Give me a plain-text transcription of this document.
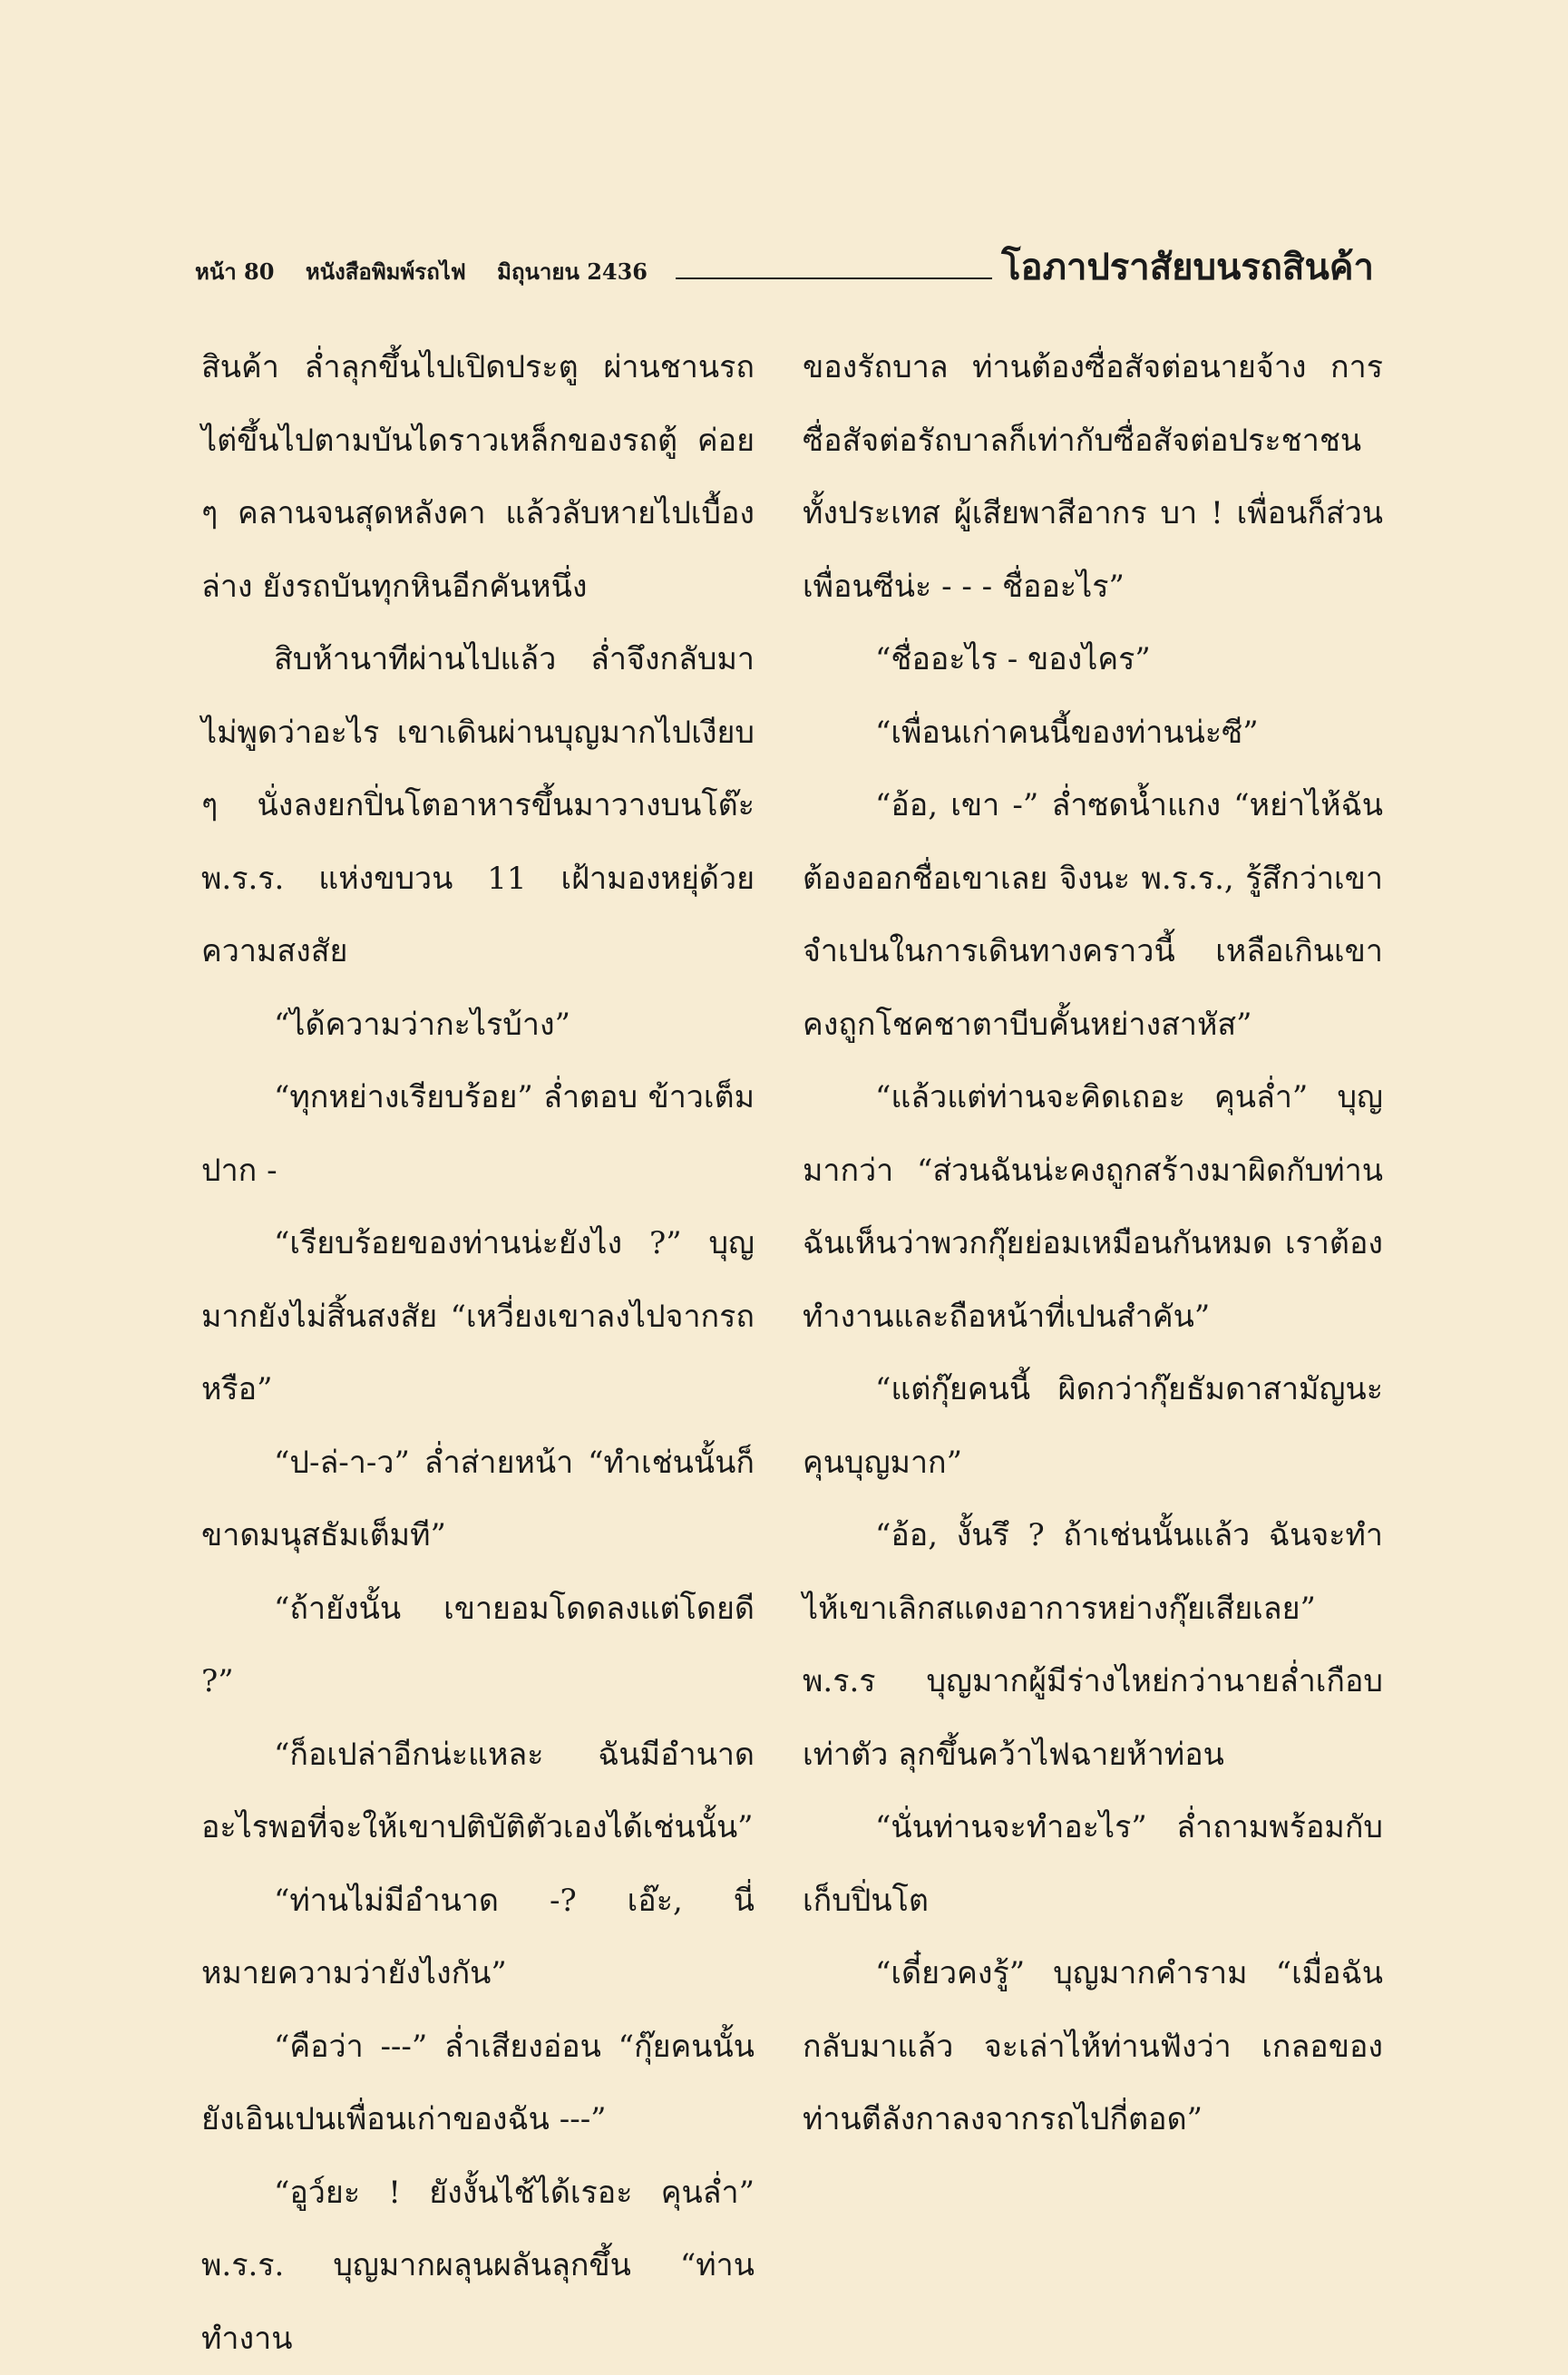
หน้า 80 หนังสือพิมพ์รถไฟ มิถุนายน 2436	โอภาปราสัยบนรถสินค้า

สินค้า ล่ำลุกขึ้นไปเปิดประตู ผ่านชานรถ ไต่ขึ้นไปตามบันไดราวเหล็กของรถตู้ ค่อย ๆ คลานจนสุดหลังคา แล้วลับหายไปเบื้องล่าง ยังรถบันทุกหินอีกคันหนึ่ง

สิบห้านาทีผ่านไปแล้ว ล่ำจึงกลับมา ไม่พูดว่าอะไร เขาเดินผ่านบุญมากไปเงียบ ๆ นั่งลงยกปิ่นโตอาหารขึ้นมาวางบนโต๊ะ พ.ร.ร. แห่งขบวน 11 เฝ้ามองหยุ่ด้วยความสงสัย

“ได้ความว่ากะไรบ้าง”

“ทุกหย่างเรียบร้อย” ล่ำตอบ ข้าวเต็มปาก -

“เรียบร้อยของท่านน่ะยังไง ?” บุญมากยังไม่สิ้นสงสัย “เหวี่ยงเขาลงไปจากรถหรือ”

“ป-ล่-า-ว” ล่ำส่ายหน้า “ทำเช่นนั้นก็ขาดมนุสธัมเต็มที”

“ถ้ายังนั้น เขายอมโดดลงแต่โดยดี ?”

“ก็อเปล่าอีกน่ะแหละ ฉันมีอำนาดอะไรพอที่จะให้เขาปติบัติตัวเองได้เช่นนั้น”

“ท่านไม่มีอำนาด -? เอ๊ะ, นี่หมายความว่ายังไงกัน”

“คือว่า ---” ล่ำเสียงอ่อน “กุ๊ยคนนั้นยังเอินเปนเพื่อนเก่าของฉัน ---”

“อูว์ยะ ! ยังงั้นไช้ได้เรอะ คุนล่ำ” พ.ร.ร. บุญมากผลุนผลันลุกขึ้น “ท่านทำงาน

ของรัถบาล ท่านต้องซื่อสัจต่อนายจ้าง การซื่อสัจต่อรัถบาลก็เท่ากับซื่อสัจต่อประชาชนทั้งประเทส ผู้เสียพาสีอากร บา ! เพื่อนก็ส่วนเพื่อนซีน่ะ - - - ชื่ออะไร”

“ชื่ออะไร - ของไคร”

“เพื่อนเก่าคนนี้ของท่านน่ะซี”

“อ้อ, เขา -” ล่ำซดน้ำแกง “หย่าไห้ฉันต้องออกชื่อเขาเลย จิงนะ พ.ร.ร., รู้สึกว่าเขาจำเปนในการเดินทางคราวนี้ เหลือเกินเขาคงถูกโชคชาตาบีบคั้นหย่างสาหัส”

“แล้วแต่ท่านจะคิดเถอะ คุนล่ำ” บุญมากว่า “ส่วนฉันน่ะคงถูกสร้างมาผิดกับท่าน ฉันเห็นว่าพวกกุ๊ยย่อมเหมือนกันหมด เราต้องทำงานและถือหน้าที่เปนสำคัน”

“แต่กุ๊ยคนนี้ ผิดกว่ากุ๊ยธัมดาสามัญนะคุนบุญมาก”

“อ้อ, งั้นรึ ? ถ้าเช่นนั้นแล้ว ฉันจะทำไห้เขาเลิกสแดงอาการหย่างกุ๊ยเสียเลย” พ.ร.ร บุญมากผู้มีร่างไหย่กว่านายล่ำเกือบเท่าตัว ลุกขึ้นคว้าไฟฉายห้าท่อน

“นั่นท่านจะทำอะไร” ล่ำถามพร้อมกับเก็บปิ่นโต

“เดี๋ยวคงรู้” บุญมากคำราม “เมื่อฉันกลับมาแล้ว จะเล่าไห้ท่านฟังว่า เกลอของท่านตีลังกาลงจากรถไปกี่ตอด”
